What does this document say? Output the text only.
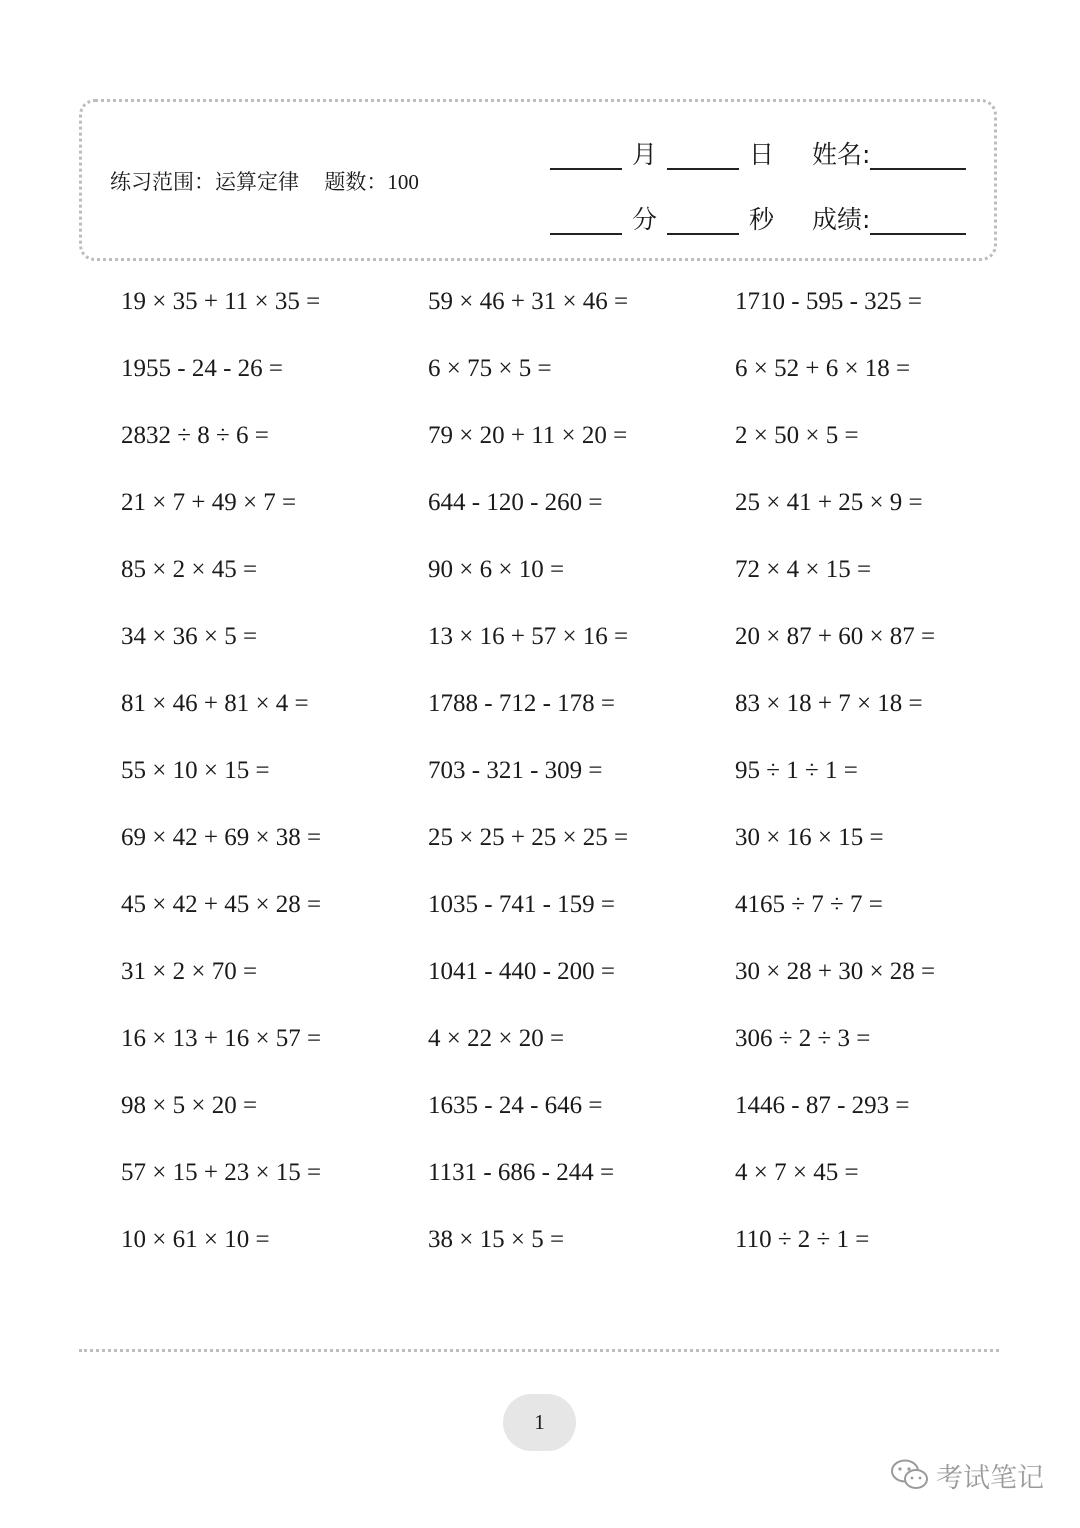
练习范围：运算定律 题数：100
月	日 姓名:
分	秒 成绩:
19 × 35 + 11 × 35 =
1955 - 24 - 26 =
2832 ÷ 8 ÷ 6 =
21 × 7 + 49 × 7 =
85 × 2 × 45 =
34 × 36 × 5 =
81 × 46 + 81 × 4 =
55 × 10 × 15 =
69 × 42 + 69 × 38 =
45 × 42 + 45 × 28 =
31 × 2 × 70 =
16 × 13 + 16 × 57 =
98 × 5 × 20 =
57 × 15 + 23 × 15 =
10 × 61 × 10 =
59 × 46 + 31 × 46 =
6 × 75 × 5 =
79 × 20 + 11 × 20 =
644 - 120 - 260 =
90 × 6 × 10 =
13 × 16 + 57 × 16 =
1788 - 712 - 178 =
703 - 321 - 309 =
25 × 25 + 25 × 25 =
1035 - 741 - 159 =
1041 - 440 - 200 =
4 × 22 × 20 =
1635 - 24 - 646 =
1131 - 686 - 244 =
38 × 15 × 5 =
1710 - 595 - 325 =
6 × 52 + 6 × 18 =
2 × 50 × 5 =
25 × 41 + 25 × 9 =
72 × 4 × 15 =
20 × 87 + 60 × 87 =
83 × 18 + 7 × 18 =
95 ÷ 1 ÷ 1 =
30 × 16 × 15 =
4165 ÷ 7 ÷ 7 =
30 × 28 + 30 × 28 =
306 ÷ 2 ÷ 3 =
1446 - 87 - 293 =
4 × 7 × 45 =
110 ÷ 2 ÷ 1 =
1
考试笔记
